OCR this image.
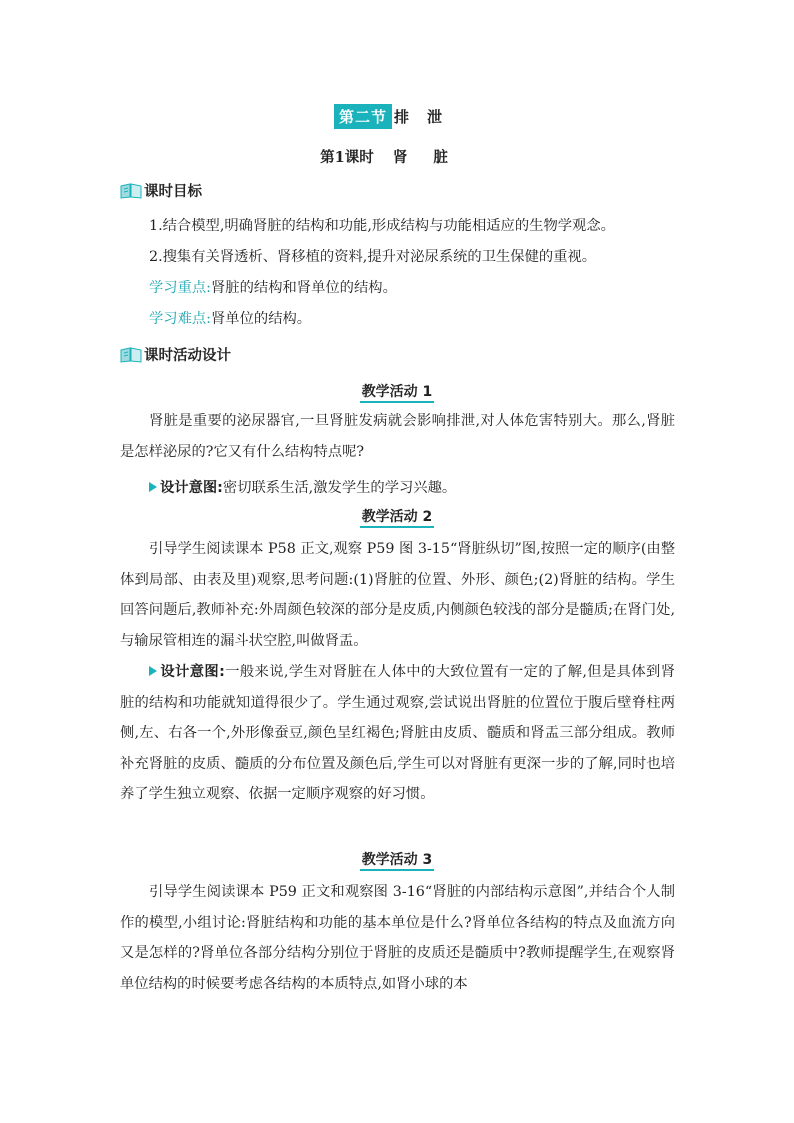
第二节 排泄
第1课时 肾脏
课时目标
1.结合模型,明确肾脏的结构和功能,形成结构与功能相适应的生物学观念。
2.搜集有关肾透析、肾移植的资料,提升对泌尿系统的卫生保健的重视。
学习重点:肾脏的结构和肾单位的结构。
学习难点:肾单位的结构。
课时活动设计
教学活动 1
肾脏是重要的泌尿器官,一旦肾脏发病就会影响排泄,对人体危害特别大。那么,肾脏是怎样泌尿的?它又有什么结构特点呢?
设计意图:密切联系生活,激发学生的学习兴趣。
教学活动 2
引导学生阅读课本 P58 正文,观察 P59 图 3-15“肾脏纵切”图,按照一定的顺序(由整体到局部、由表及里)观察,思考问题:(1)肾脏的位置、外形、颜色;(2)肾脏的结构。学生回答问题后,教师补充:外周颜色较深的部分是皮质,内侧颜色较浅的部分是髓质;在肾门处,与输尿管相连的漏斗状空腔,叫做肾盂。
设计意图:一般来说,学生对肾脏在人体中的大致位置有一定的了解,但是具体到肾脏的结构和功能就知道得很少了。学生通过观察,尝试说出肾脏的位置位于腹后壁脊柱两侧,左、右各一个,外形像蚕豆,颜色呈红褐色;肾脏由皮质、髓质和肾盂三部分组成。教师补充肾脏的皮质、髓质的分布位置及颜色后,学生可以对肾脏有更深一步的了解,同时也培养了学生独立观察、依据一定顺序观察的好习惯。
教学活动 3
引导学生阅读课本 P59 正文和观察图 3-16“肾脏的内部结构示意图”,并结合个人制作的模型,小组讨论:肾脏结构和功能的基本单位是什么?肾单位各结构的特点及血流方向又是怎样的?肾单位各部分结构分别位于肾脏的皮质还是髓质中?教师提醒学生,在观察肾单位结构的时候要考虑各结构的本质特点,如肾小球的本
